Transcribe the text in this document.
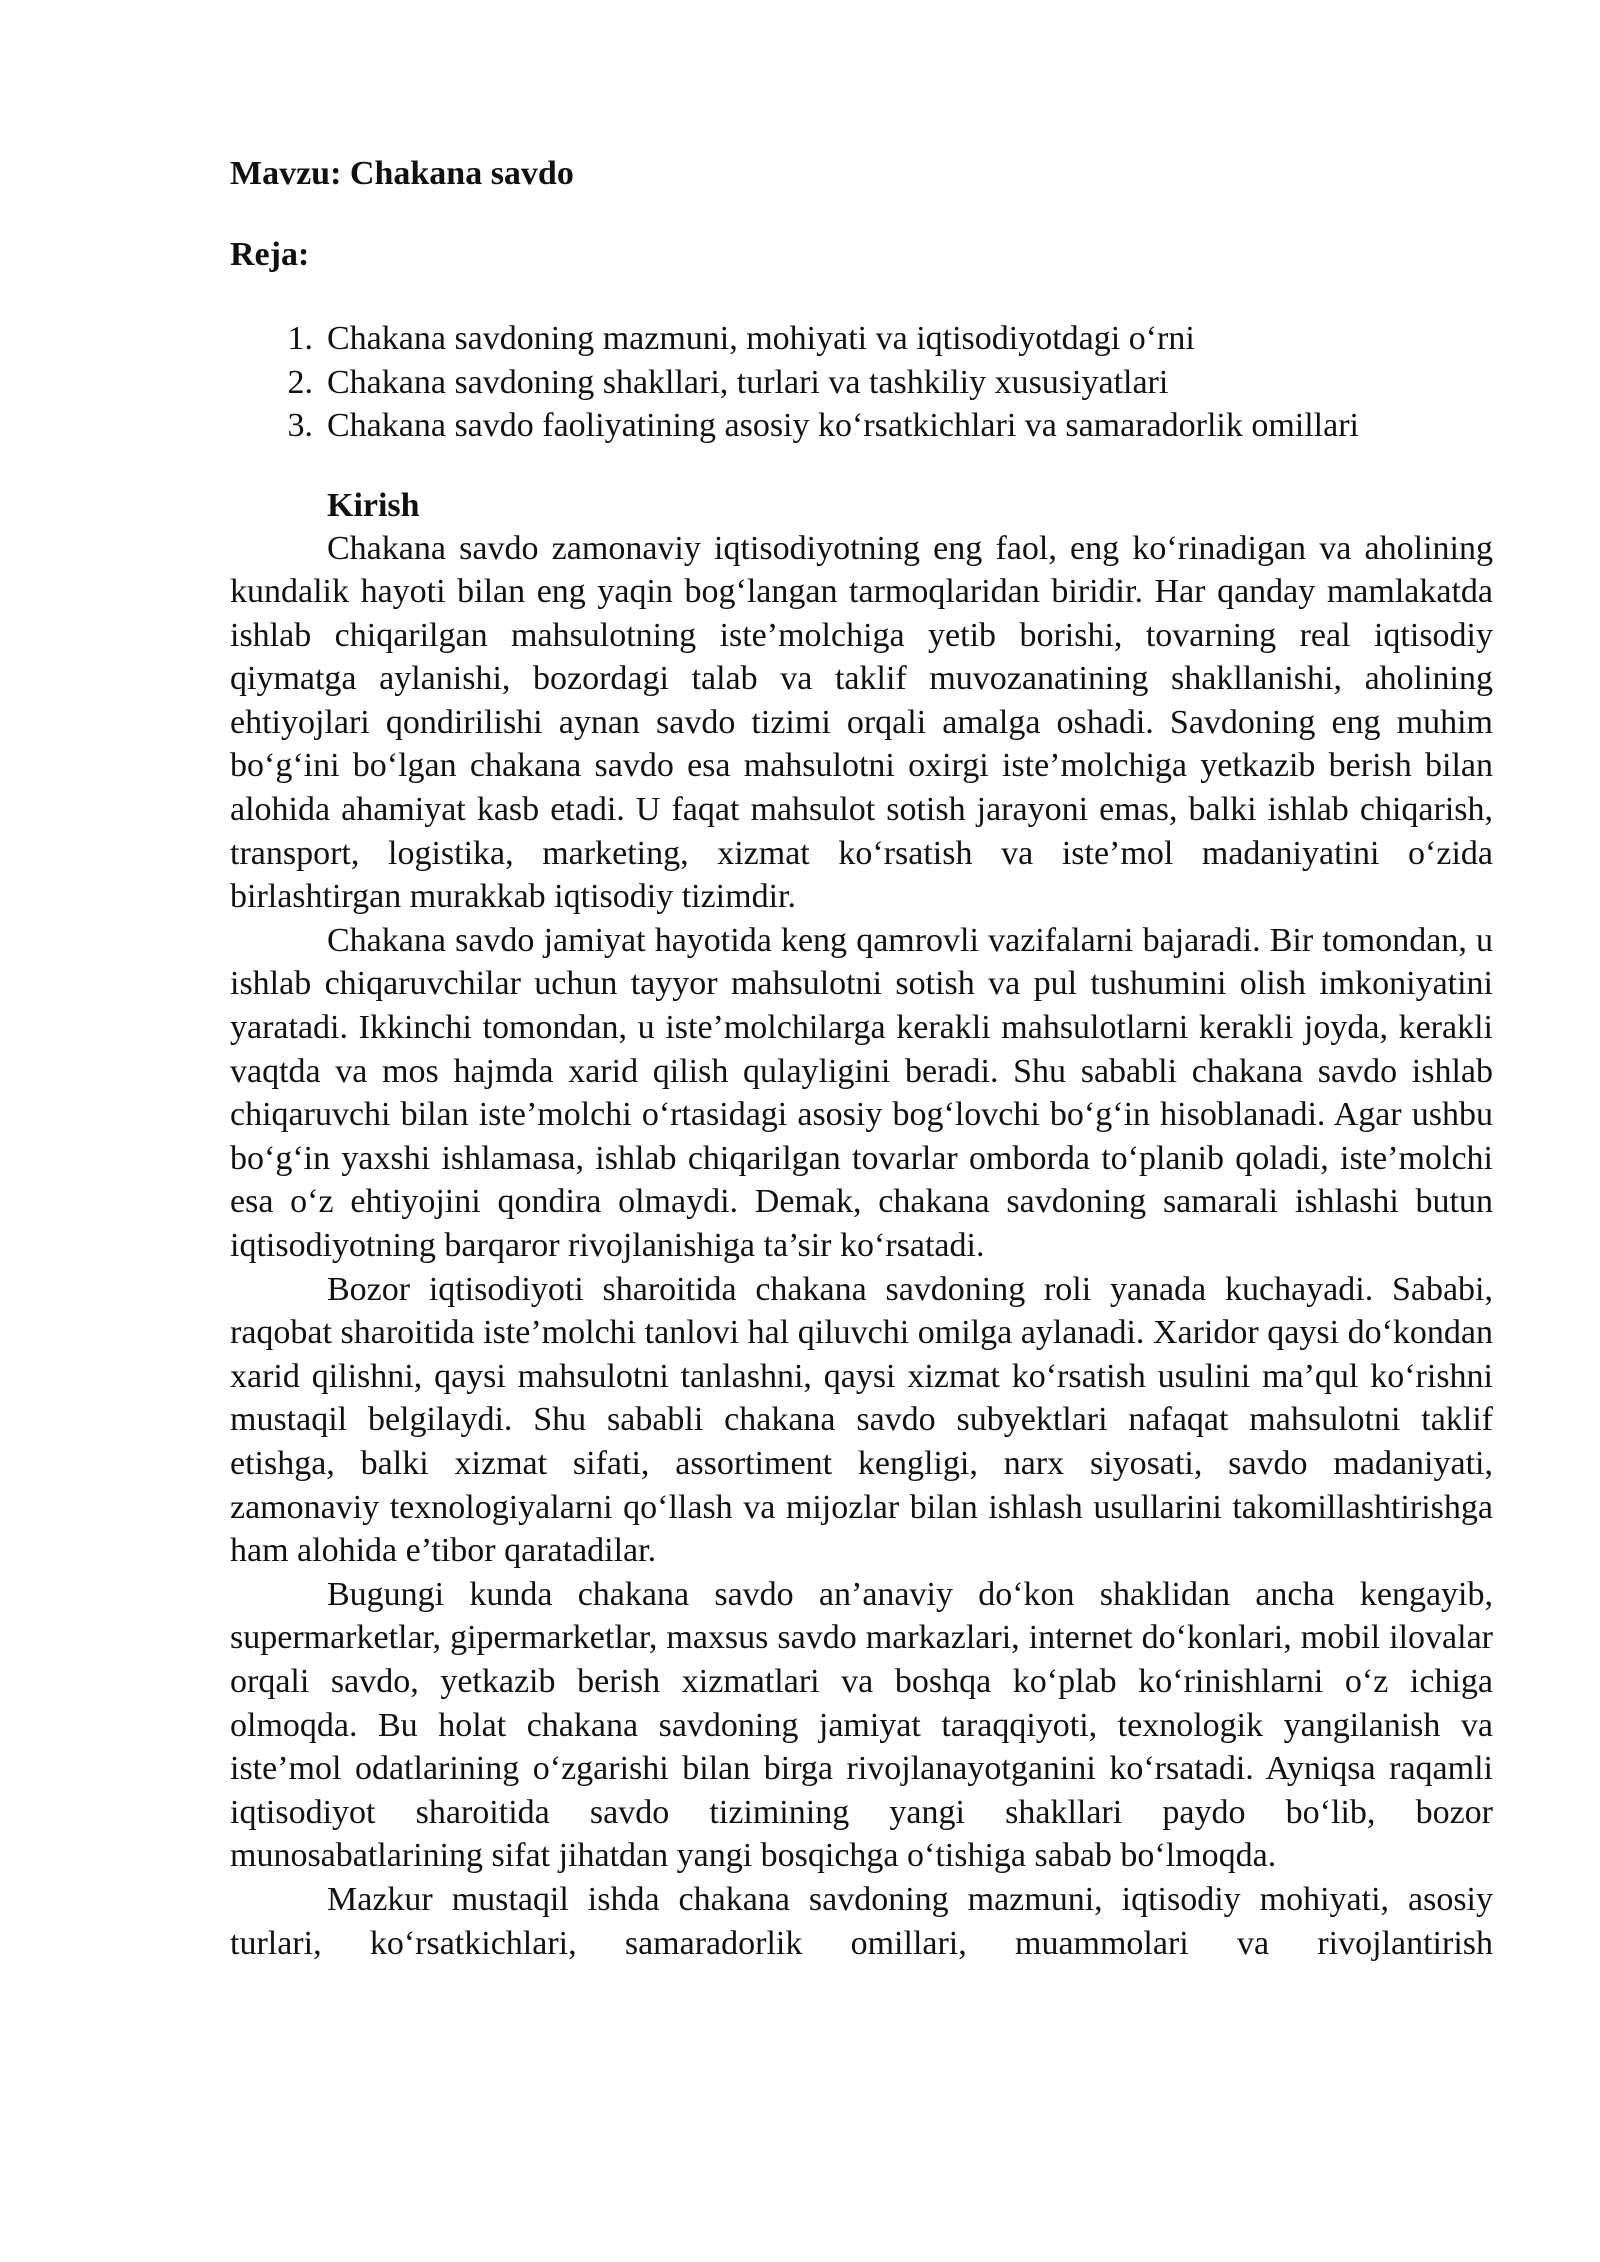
Mavzu: Chakana savdo

Reja:

1. Chakana savdoning mazmuni, mohiyati va iqtisodiyotdagi o‘rni
2. Chakana savdoning shakllari, turlari va tashkiliy xususiyatlari
3. Chakana savdo faoliyatining asosiy ko‘rsatkichlari va samaradorlik omillari

Kirish

Chakana savdo zamonaviy iqtisodiyotning eng faol, eng ko‘rinadigan va aholining kundalik hayoti bilan eng yaqin bog‘langan tarmoqlaridan biridir. Har qanday mamlakatda ishlab chiqarilgan mahsulotning iste’molchiga yetib borishi, tovarning real iqtisodiy qiymatga aylanishi, bozordagi talab va taklif muvozanatining shakllanishi, aholining ehtiyojlari qondirilishi aynan savdo tizimi orqali amalga oshadi. Savdoning eng muhim bo‘g‘ini bo‘lgan chakana savdo esa mahsulotni oxirgi iste’molchiga yetkazib berish bilan alohida ahamiyat kasb etadi. U faqat mahsulot sotish jarayoni emas, balki ishlab chiqarish, transport, logistika, marketing, xizmat ko‘rsatish va iste’mol madaniyatini o‘zida birlashtirgan murakkab iqtisodiy tizimdir.

Chakana savdo jamiyat hayotida keng qamrovli vazifalarni bajaradi. Bir tomondan, u ishlab chiqaruvchilar uchun tayyor mahsulotni sotish va pul tushumini olish imkoniyatini yaratadi. Ikkinchi tomondan, u iste’molchilarga kerakli mahsulotlarni kerakli joyda, kerakli vaqtda va mos hajmda xarid qilish qulayligini beradi. Shu sababli chakana savdo ishlab chiqaruvchi bilan iste’molchi o‘rtasidagi asosiy bog‘lovchi bo‘g‘in hisoblanadi. Agar ushbu bo‘g‘in yaxshi ishlamasa, ishlab chiqarilgan tovarlar omborda to‘planib qoladi, iste’molchi esa o‘z ehtiyojini qondira olmaydi. Demak, chakana savdoning samarali ishlashi butun iqtisodiyotning barqaror rivojlanishiga ta’sir ko‘rsatadi.

Bozor iqtisodiyoti sharoitida chakana savdoning roli yanada kuchayadi. Sababi, raqobat sharoitida iste’molchi tanlovi hal qiluvchi omilga aylanadi. Xaridor qaysi do‘kondan xarid qilishni, qaysi mahsulotni tanlashni, qaysi xizmat ko‘rsatish usulini ma’qul ko‘rishni mustaqil belgilaydi. Shu sababli chakana savdo subyektlari nafaqat mahsulotni taklif etishga, balki xizmat sifati, assortiment kengligi, narx siyosati, savdo madaniyati, zamonaviy texnologiyalarni qo‘llash va mijozlar bilan ishlash usullarini takomillashtirishga ham alohida e’tibor qaratadilar.

Bugungi kunda chakana savdo an’anaviy do‘kon shaklidan ancha kengayib, supermarketlar, gipermarketlar, maxsus savdo markazlari, internet do‘konlari, mobil ilovalar orqali savdo, yetkazib berish xizmatlari va boshqa ko‘plab ko‘rinishlarni o‘z ichiga olmoqda. Bu holat chakana savdoning jamiyat taraqqiyoti, texnologik yangilanish va iste’mol odatlarining o‘zgarishi bilan birga rivojlanayotganini ko‘rsatadi. Ayniqsa raqamli iqtisodiyot sharoitida savdo tizimining yangi shakllari paydo bo‘lib, bozor munosabatlarining sifat jihatdan yangi bosqichga o‘tishiga sabab bo‘lmoqda.

Mazkur mustaqil ishda chakana savdoning mazmuni, iqtisodiy mohiyati, asosiy turlari, ko‘rsatkichlari, samaradorlik omillari, muammolari va rivojlantirish
